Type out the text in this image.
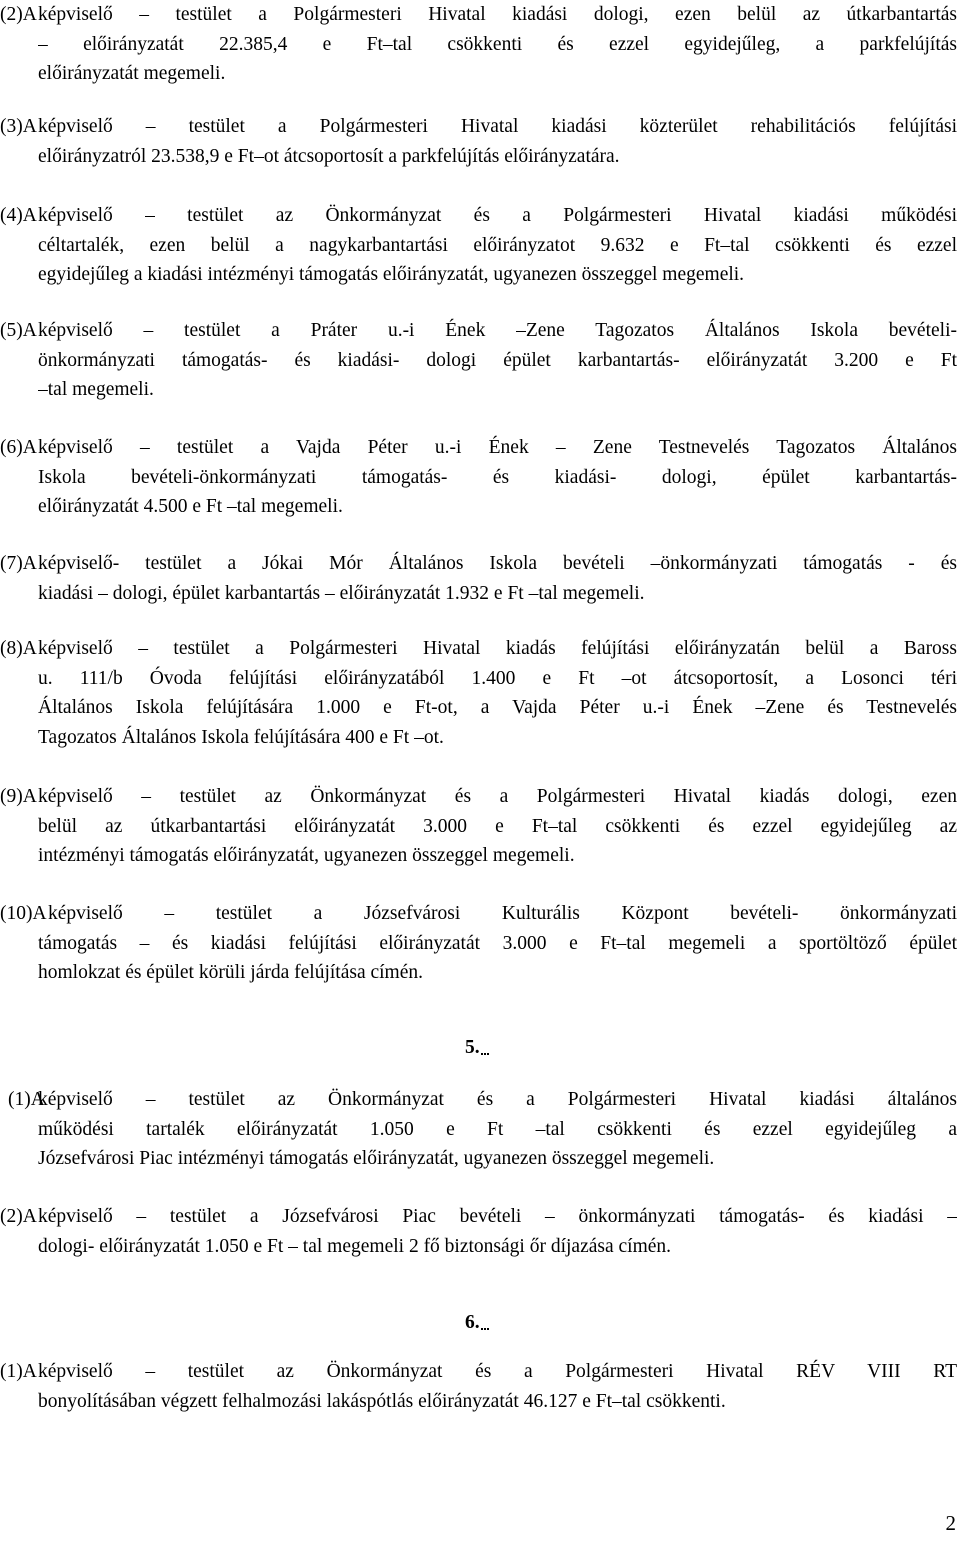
(2)A képviselő – testület a Polgármesteri Hivatal kiadási dologi, ezen belül az útkarbantartás
– előirányzatát 22.385,4 e Ft–tal csökkenti és ezzel egyidejűleg, a parkfelújítás
előirányzatát megemeli.
(3)A képviselő – testület a Polgármesteri Hivatal kiadási közterület rehabilitációs felújítási
előirányzatról 23.538,9 e Ft–ot átcsoportosít a parkfelújítás előirányzatára.
(4)A képviselő – testület az Önkormányzat és a Polgármesteri Hivatal kiadási működési
céltartalék, ezen belül a nagykarbantartási előirányzatot 9.632 e Ft–tal csökkenti és ezzel
egyidejűleg a kiadási intézményi támogatás előirányzatát, ugyanezen összeggel megemeli.
(5)A képviselő – testület a Práter u.-i Ének –Zene Tagozatos Általános Iskola bevételi-
önkormányzati támogatás- és kiadási- dologi épület karbantartás- előirányzatát 3.200 e Ft
–tal megemeli.
(6)A képviselő – testület a Vajda Péter u.-i Ének – Zene Testnevelés Tagozatos Általános
Iskola bevételi-önkormányzati támogatás- és kiadási- dologi, épület karbantartás-
előirányzatát 4.500 e Ft –tal megemeli.
(7)A képviselő- testület a Jókai Mór Általános Iskola bevételi –önkormányzati támogatás - és
kiadási – dologi, épület karbantartás – előirányzatát 1.932 e Ft –tal megemeli.
(8)A képviselő – testület a Polgármesteri Hivatal kiadás felújítási előirányzatán belül a Baross
u. 111/b Óvoda felújítási előirányzatából 1.400 e Ft –ot átcsoportosít, a Losonci téri
Általános Iskola felújítására 1.000 e Ft-ot, a Vajda Péter u.-i Ének –Zene és Testnevelés
Tagozatos Általános Iskola felújítására 400 e Ft –ot.
(9)A képviselő – testület az Önkormányzat és a Polgármesteri Hivatal kiadás dologi, ezen
belül az útkarbantartási előirányzatát 3.000 e Ft–tal csökkenti és ezzel egyidejűleg az
intézményi támogatás előirányzatát, ugyanezen összeggel megemeli.
(10)A képviselő – testület a Józsefvárosi Kulturális Központ bevételi- önkormányzati
támogatás – és kiadási felújítási előirányzatát 3.000 e Ft–tal megemeli a sportöltöző épület
homlokzat és épület körüli járda felújítása címén.
5.
(1)A
képviselő – testület az Önkormányzat és a Polgármesteri Hivatal kiadási általános
működési tartalék előirányzatát 1.050 e Ft –tal csökkenti és ezzel egyidejűleg a
Józsefvárosi Piac intézményi támogatás előirányzatát, ugyanezen összeggel megemeli.
(2)A képviselő – testület a Józsefvárosi Piac bevételi – önkormányzati támogatás- és kiadási –
dologi- előirányzatát 1.050 e Ft – tal megemeli 2 fő biztonsági őr díjazása címén.
6.
(1)A képviselő – testület az Önkormányzat és a Polgármesteri Hivatal RÉV VIII RT
bonyolításában végzett felhalmozási lakáspótlás előirányzatát 46.127 e Ft–tal csökkenti.
2
